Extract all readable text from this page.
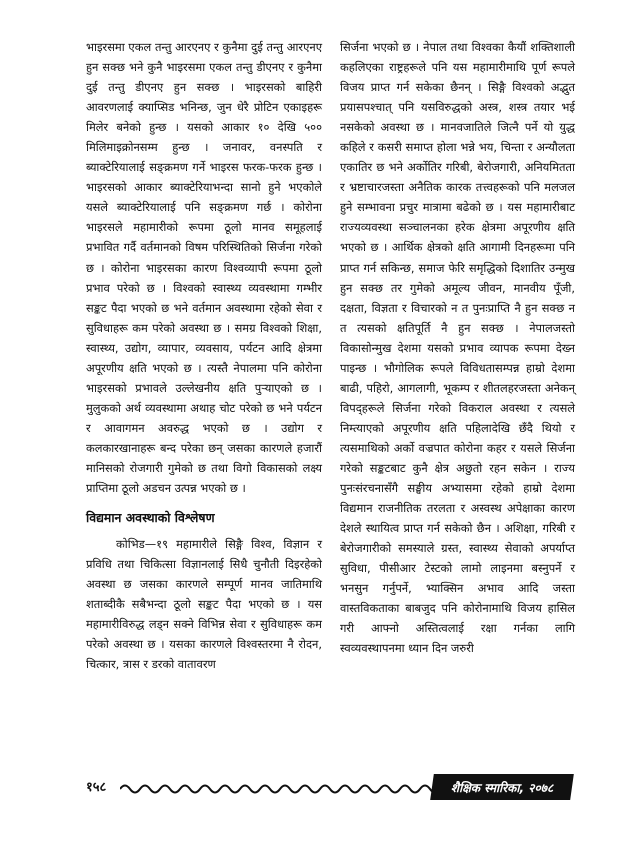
भाइरसमा एकल तन्तु आरएनए र कुनैमा दुई तन्तु आरएनए हुन सक्छ भने कुनै भाइरसमा एकल तन्तु डीएनए र कुनैमा दुई तन्तु डीएनए हुन सक्छ । भाइरसको बाहिरी आवरणलाई क्याप्सिड भनिन्छ, जुन धेरै प्रोटिन एकाइहरू मिलेर बनेको हुन्छ । यसको आकार १० देखि ५०० मिलिमाइक्रोनसम्म हुन्छ । जनावर, वनस्पति र ब्याक्टेरियालाई सङ्क्रमण गर्ने भाइरस फरक-फरक हुन्छ । भाइरसको आकार ब्याक्टेरियाभन्दा सानो हुने भएकोले यसले ब्याक्टेरियालाई पनि सङ्क्रमण गर्छ । कोरोना भाइरसले महामारीको रूपमा ठूलो मानव समूहलाई प्रभावित गर्दै वर्तमानको विषम परिस्थितिको सिर्जना गरेको छ । कोरोना भाइरसका कारण विश्वव्यापी रूपमा ठूलो प्रभाव परेको छ । विश्वको स्वास्थ्य व्यवस्थामा गम्भीर सङ्कट पैदा भएको छ भने वर्तमान अवस्थामा रहेको सेवा र सुविधाहरू कम परेको अवस्था छ । समग्र विश्वको शिक्षा, स्वास्थ्य, उद्योग, व्यापार, व्यवसाय, पर्यटन आदि क्षेत्रमा अपूरणीय क्षति भएको छ । त्यस्तै नेपालमा पनि कोरोना भाइरसको प्रभावले उल्लेखनीय क्षति पुर्‍याएको छ । मुलुकको अर्थ व्यवस्थामा अथाह चोट परेको छ भने पर्यटन र आवागमन अवरुद्ध भएको छ । उद्योग र कलकारखानाहरू बन्द परेका छन् जसका कारणले हजारौं मानिसको रोजगारी गुमेको छ तथा विगो विकासको लक्ष्य प्राप्तिमा ठूलो अडचन उत्पन्न भएको छ ।

विद्यमान अवस्थाको विश्लेषण

कोभिड—१९ महामारीले सिङ्गै विश्व, विज्ञान र प्रविधि तथा चिकित्सा विज्ञानलाई सिधै चुनौती दिइरहेको अवस्था छ जसका कारणले सम्पूर्ण मानव जातिमाथि शताब्दीकै सबैभन्दा ठूलो सङ्कट पैदा भएको छ । यस महामारीविरुद्ध लड्न सक्ने विभिन्न सेवा र सुविधाहरू कम परेको अवस्था छ । यसका कारणले विश्वस्तरमा नै रोदन, चित्कार, त्रास र डरको वातावरण

सिर्जना भएको छ । नेपाल तथा विश्वका कैयौं शक्तिशाली कहलिएका राष्ट्रहरूले पनि यस महामारीमाथि पूर्ण रूपले विजय प्राप्त गर्न सकेका छैनन् । सिङ्गै विश्वको अद्भुत प्रयासपश्चात् पनि यसविरुद्धको अस्त्र, शस्त्र तयार भई नसकेको अवस्था छ । मानवजातिले जित्नै पर्ने यो युद्ध कहिले र कसरी समाप्त होला भन्ने भय, चिन्ता र अन्यौलता एकातिर छ भने अर्कोतिर गरिबी, बेरोजगारी, अनियमितता र भ्रष्टाचारजस्ता अनैतिक कारक तत्त्वहरूको पनि मलजल हुने सम्भावना प्रचुर मात्रामा बढेको छ । यस महामारीबाट राज्यव्यवस्था सञ्चालनका हरेक क्षेत्रमा अपूरणीय क्षति भएको छ । आर्थिक क्षेत्रको क्षति आगामी दिनहरूमा पनि प्राप्त गर्न सकिन्छ, समाज फेरि समृद्धिको दिशातिर उन्मुख हुन सक्छ तर गुमेको अमूल्य जीवन, मानवीय पूँजी, दक्षता, विज्ञता र विचारको न त पुनःप्राप्ति नै हुन सक्छ न त त्यसको क्षतिपूर्ति नै हुन सक्छ । नेपालजस्तो विकासोन्मुख देशमा यसको प्रभाव व्यापक रूपमा देख्न पाइन्छ । भौगोलिक रूपले विविधतासम्पन्न हाम्रो देशमा बाढी, पहिरो, आगलागी, भूकम्प र शीतलहरजस्ता अनेकन् विपद्हरूले सिर्जना गरेको विकराल अवस्था र त्यसले निम्त्याएको अपूरणीय क्षति पहिलादेखि छँदै थियो र त्यसमाथिको अर्को वज्रपात कोरोना कहर र यसले सिर्जना गरेको सङ्कटबाट कुनै क्षेत्र अछुतो रहन सकेन । राज्य पुनःसंरचनासँगै सङ्घीय अभ्यासमा रहेको हाम्रो देशमा विद्यमान राजनीतिक तरलता र अस्वस्थ अपेक्षाका कारण देशले स्थायित्व प्राप्त गर्न सकेको छैन । अशिक्षा, गरिबी र बेरोजगारीको समस्याले ग्रस्त, स्वास्थ्य सेवाको अपर्याप्त सुविधा, पीसीआर टेस्टको लामो लाइनमा बस्नुपर्ने र भनसुन गर्नुपर्ने, भ्याक्सिन अभाव आदि जस्ता वास्तविकताका बाबजुद पनि कोरोनामाथि विजय हासिल गरी आफ्नो अस्तित्वलाई रक्षा गर्नका लागि स्वव्यवस्थापनमा ध्यान दिन जरुरी

१५८	शैक्षिक स्मारिका, २०७८
